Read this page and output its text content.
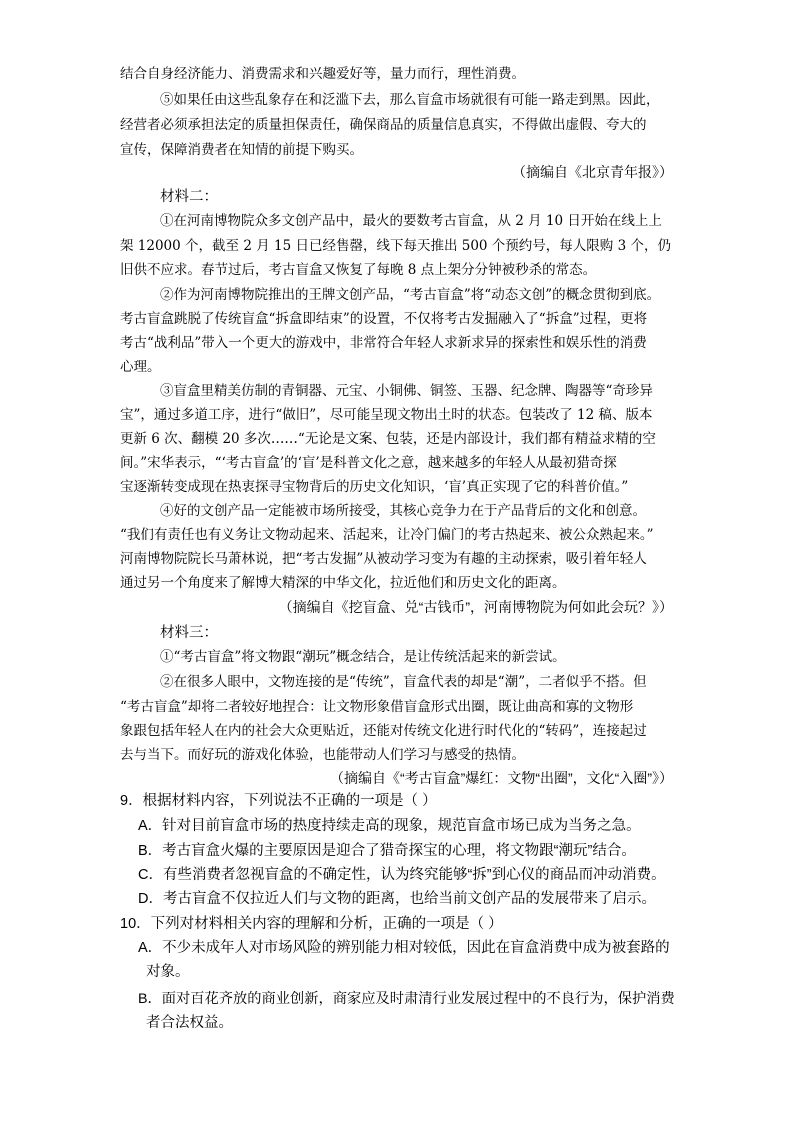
结合自身经济能力、消费需求和兴趣爱好等，量力而行，理性消费。
⑤如果任由这些乱象存在和泛滥下去，那么盲盒市场就很有可能一路走到黑。因此，
经营者必须承担法定的质量担保责任，确保商品的质量信息真实，不得做出虚假、夸大的
宣传，保障消费者在知情的前提下购买。
（摘编自《北京青年报》）
材料二：
①在河南博物院众多文创产品中，最火的要数考古盲盒，从 2 月 10 日开始在线上上
架 12000 个，截至 2 月 15 日已经售罄，线下每天推出 500 个预约号，每人限购 3 个，仍
旧供不应求。春节过后，考古盲盒又恢复了每晚 8 点上架分分钟被秒杀的常态。
②作为河南博物院推出的王牌文创产品，“考古盲盒”将“动态文创”的概念贯彻到底。
考古盲盒跳脱了传统盲盒“拆盒即结束”的设置，不仅将考古发掘融入了“拆盒”过程，更将
考古“战利品”带入一个更大的游戏中，非常符合年轻人求新求异的探索性和娱乐性的消费
心理。
③盲盒里精美仿制的青铜器、元宝、小铜佛、铜签、玉器、纪念牌、陶器等“奇珍异
宝”，通过多道工序，进行“做旧”，尽可能呈现文物出土时的状态。包装改了 12 稿、版本
更新 6 次、翻模 20 多次……“无论是文案、包装，还是内部设计，我们都有精益求精的空
间。”宋华表示，“‘考古盲盒’的‘盲’是科普文化之意，越来越多的年轻人从最初猎奇探
宝逐渐转变成现在热衷探寻宝物背后的历史文化知识，‘盲’真正实现了它的科普价值。”
④好的文创产品一定能被市场所接受，其核心竞争力在于产品背后的文化和创意。
“我们有责任也有义务让文物动起来、活起来，让冷门偏门的考古热起来、被公众熟起来。”
河南博物院院长马萧林说，把“考古发掘”从被动学习变为有趣的主动探索，吸引着年轻人
通过另一个角度来了解博大精深的中华文化，拉近他们和历史文化的距离。
（摘编自《挖盲盒、兑“古钱币”，河南博物院为何如此会玩？》）
材料三：
①“考古盲盒”将文物跟“潮玩”概念结合，是让传统活起来的新尝试。
②在很多人眼中，文物连接的是“传统”，盲盒代表的却是“潮”，二者似乎不搭。但
“考古盲盒”却将二者较好地捏合：让文物形象借盲盒形式出圈，既让曲高和寡的文物形
象跟包括年轻人在内的社会大众更贴近，还能对传统文化进行时代化的“转码”，连接起过
去与当下。而好玩的游戏化体验，也能带动人们学习与感受的热情。
（摘编自《“考古盲盒”爆红：文物“出圈”，文化“入圈”》）
9．根据材料内容，下列说法不正确的一项是（ ）
A．针对目前盲盒市场的热度持续走高的现象，规范盲盒市场已成为当务之急。
B．考古盲盒火爆的主要原因是迎合了猎奇探宝的心理，将文物跟“潮玩”结合。
C．有些消费者忽视盲盒的不确定性，认为终究能够“拆”到心仪的商品而冲动消费。
D．考古盲盒不仅拉近人们与文物的距离，也给当前文创产品的发展带来了启示。
10．下列对材料相关内容的理解和分析，正确的一项是（ ）
A．不少未成年人对市场风险的辨别能力相对较低，因此在盲盒消费中成为被套路的
对象。
B．面对百花齐放的商业创新，商家应及时肃清行业发展过程中的不良行为，保护消费
者合法权益。
